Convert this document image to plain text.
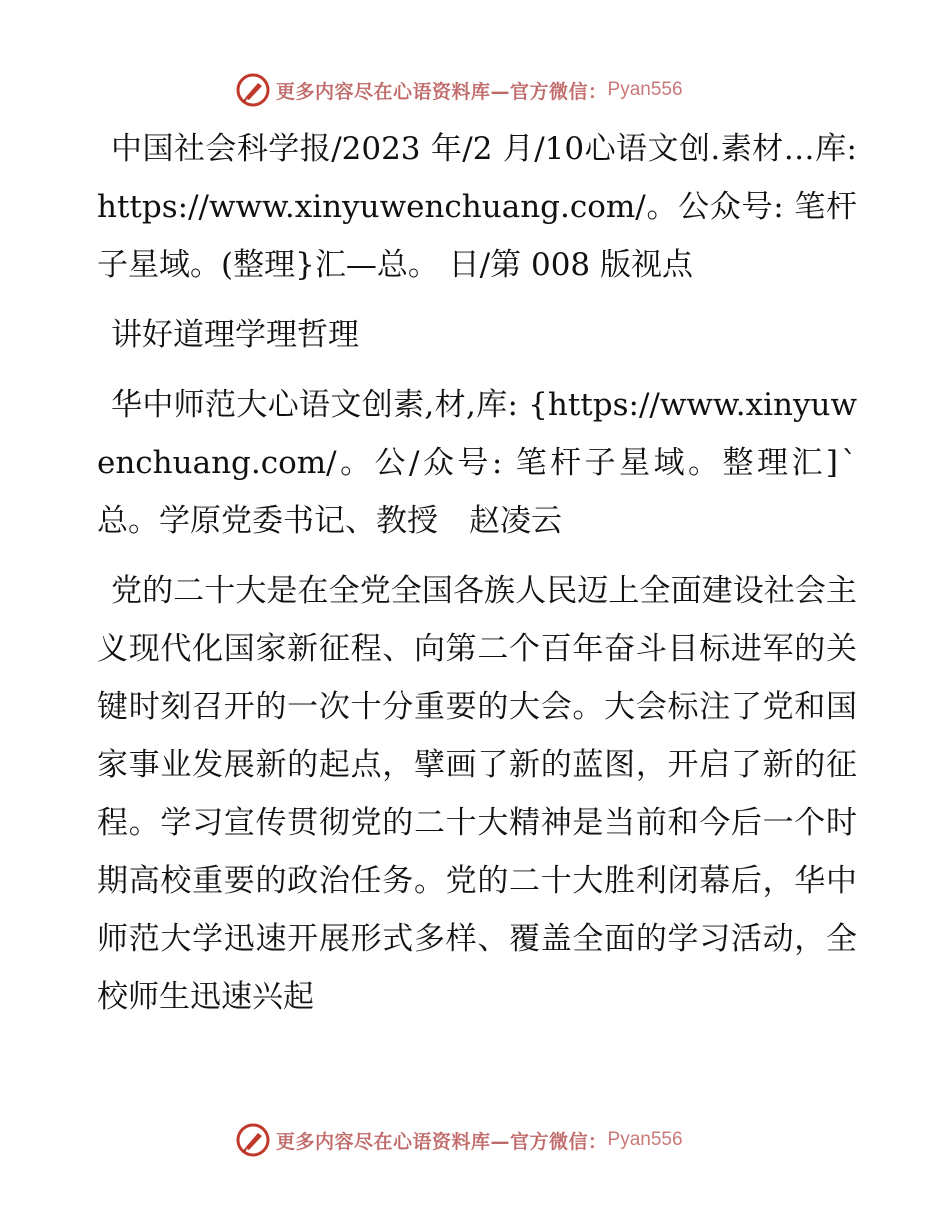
更多内容尽在心语资料库—官方微信： Pyan556

中国社会科学报/2023 年/2 月/10心语文创.素材…库: https://www.xinyuwenchuang.com/。公众号: 笔杆子星域。(整理}汇—总。 日/第 008 版视点

讲好道理学理哲理

华中师范大心语文创素,材,库: {https://www.xinyuwenchuang.com/。公/众号: 笔杆子星域。整理汇]ˋ总。学原党委书记、教授　赵凌云

党的二十大是在全党全国各族人民迈上全面建设社会主义现代化国家新征程、向第二个百年奋斗目标进军的关键时刻召开的一次十分重要的大会。大会标注了党和国家事业发展新的起点，擘画了新的蓝图，开启了新的征程。学习宣传贯彻党的二十大精神是当前和今后一个时期高校重要的政治任务。党的二十大胜利闭幕后，华中师范大学迅速开展形式多样、覆盖全面的学习活动，全校师生迅速兴起

更多内容尽在心语资料库—官方微信： Pyan556
